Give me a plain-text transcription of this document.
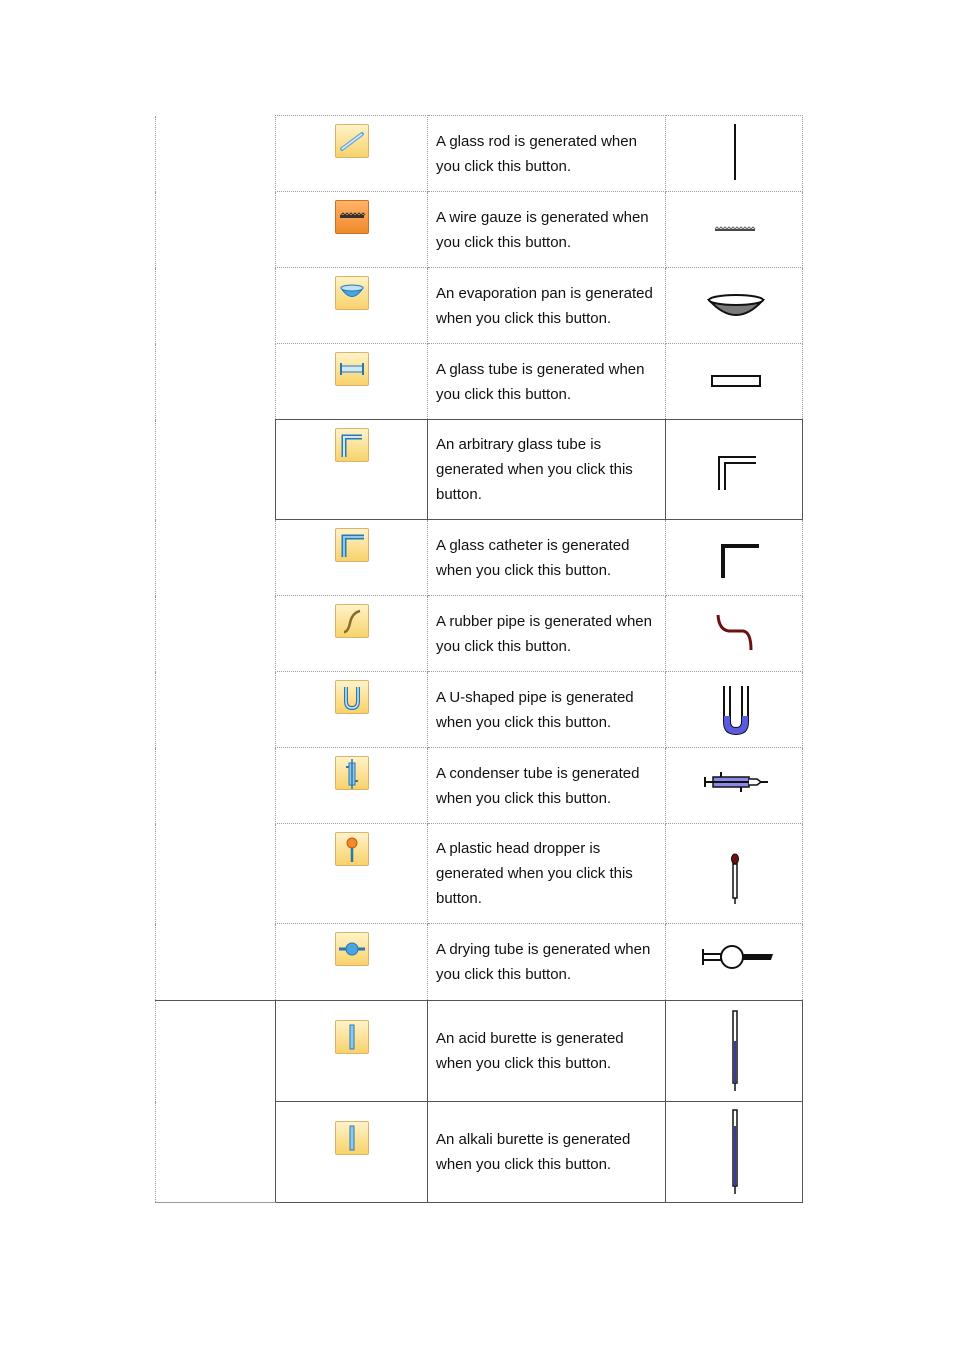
A glass rod is generated when you click this button.

A wire gauze is generated when you click this button.

An evaporation pan is generated when you click this button.

A glass tube is generated when you click this button.

An arbitrary glass tube is generated when you click this button.

A glass catheter is generated when you click this button.

A rubber pipe is generated when you click this button.

A U-shaped pipe is generated when you click this button.

A condenser tube is generated when you click this button.

A plastic head dropper is generated when you click this button.

A drying tube is generated when you click this button.

An acid burette is generated when you click this button.

An alkali burette is generated when you click this button.
